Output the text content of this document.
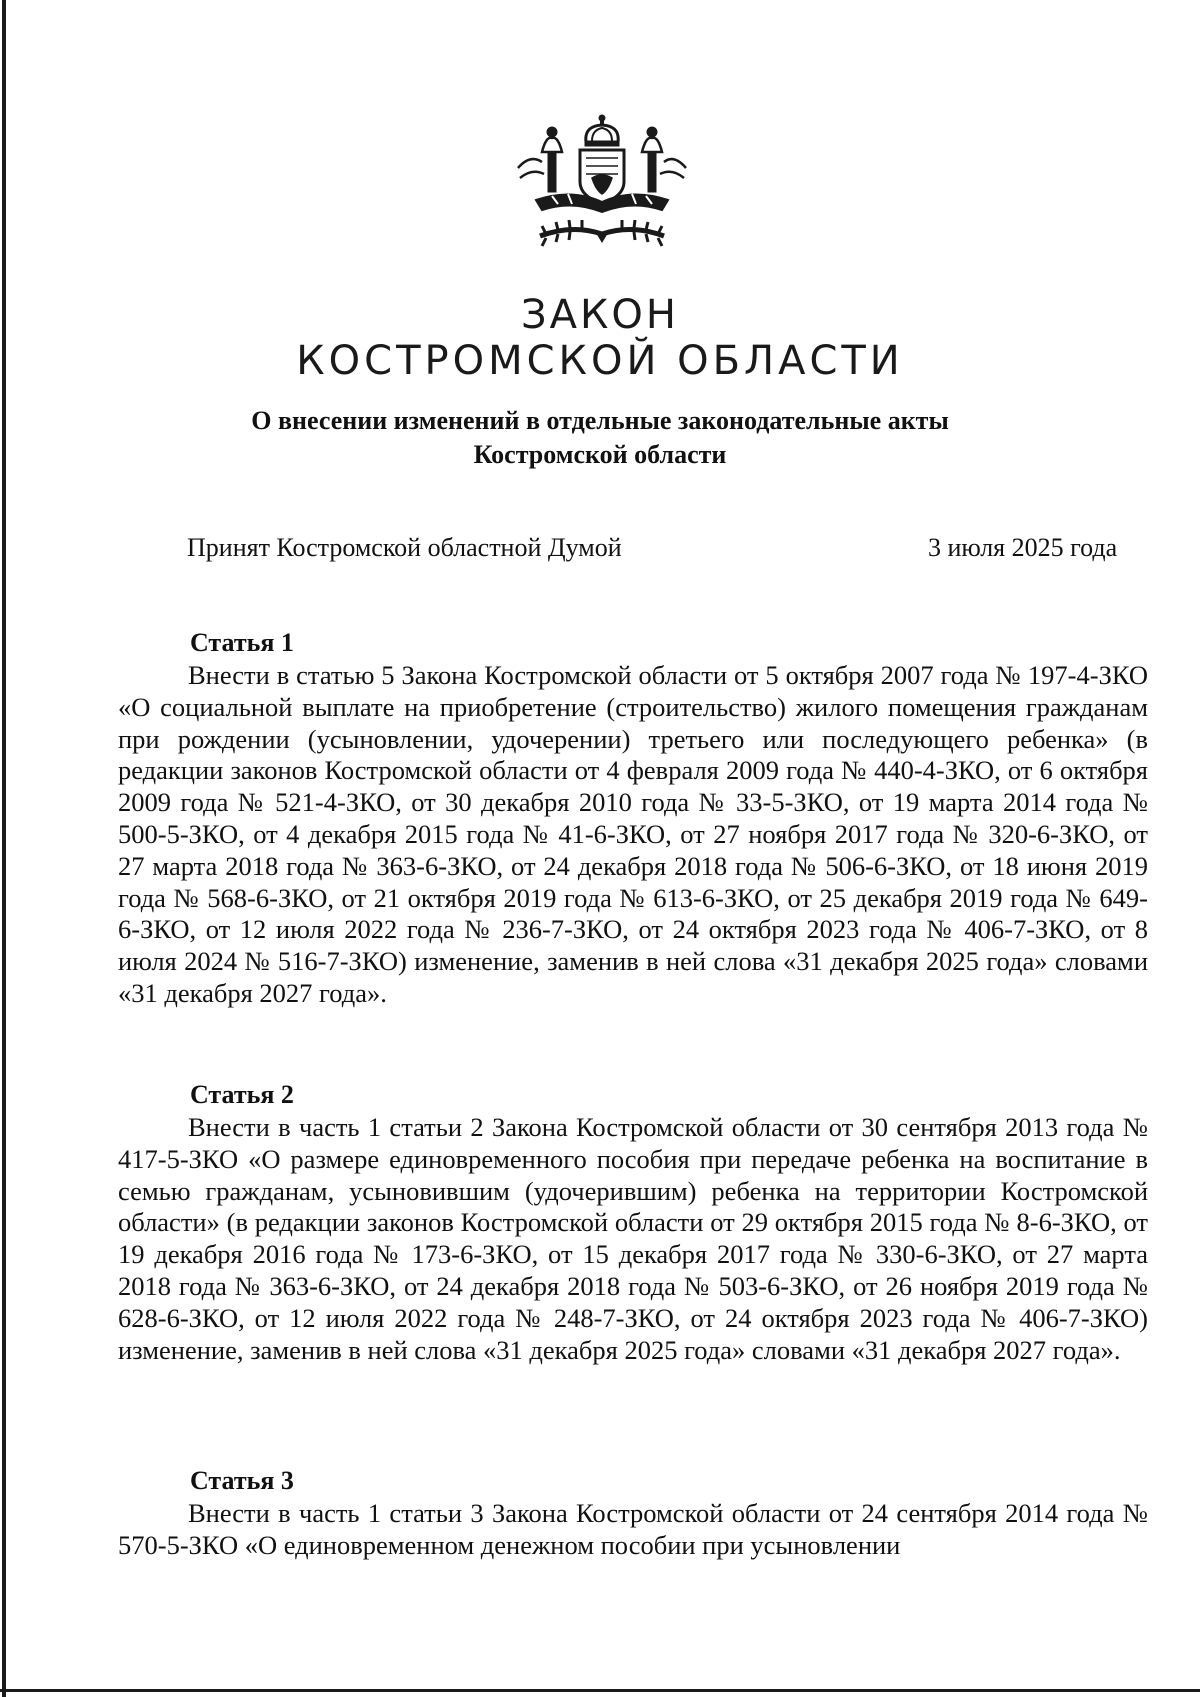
ЗАКОН
КОСТРОМСКОЙ ОБЛАСТИ
О внесении изменений в отдельные законодательные акты
Костромской области
Принят Костромской областной Думой	3 июля 2025 года
Статья 1

Внести в статью 5 Закона Костромской области от 5 октября 2007 года № 197-4-ЗКО «О социальной выплате на приобретение (строительство) жилого помещения гражданам при рождении (усыновлении, удочерении) третьего или последующего ребенка» (в редакции законов Костромской области от 4 февраля 2009 года № 440-4-ЗКО, от 6 октября 2009 года № 521-4-ЗКО, от 30 декабря 2010 года № 33-5-ЗКО, от 19 марта 2014 года № 500-5-ЗКО, от 4 декабря 2015 года № 41-6-ЗКО, от 27 ноября 2017 года № 320-6-ЗКО, от 27 марта 2018 года № 363-6-ЗКО, от 24 декабря 2018 года № 506-6-ЗКО, от 18 июня 2019 года № 568-6-ЗКО, от 21 октября 2019 года № 613-6-ЗКО, от 25 декабря 2019 года № 649-6-ЗКО, от 12 июля 2022 года № 236-7-ЗКО, от 24 октября 2023 года № 406-7-ЗКО, от 8 июля 2024 № 516-7-ЗКО) изменение, заменив в ней слова «31 декабря 2025 года» словами «31 декабря 2027 года».

Статья 2

Внести в часть 1 статьи 2 Закона Костромской области от 30 сентября 2013 года № 417-5-ЗКО «О размере единовременного пособия при передаче ребенка на воспитание в семью гражданам, усыновившим (удочерившим) ребенка на территории Костромской области» (в редакции законов Костромской области от 29 октября 2015 года № 8-6-ЗКО, от 19 декабря 2016 года № 173-6-ЗКО, от 15 декабря 2017 года № 330-6-ЗКО, от 27 марта 2018 года № 363-6-ЗКО, от 24 декабря 2018 года № 503-6-ЗКО, от 26 ноября 2019 года № 628-6-ЗКО, от 12 июля 2022 года № 248-7-ЗКО, от 24 октября 2023 года № 406-7-ЗКО) изменение, заменив в ней слова «31 декабря 2025 года» словами «31 декабря 2027 года».

Статья 3

Внести в часть 1 статьи 3 Закона Костромской области от 24 сентября 2014 года № 570-5-ЗКО «О единовременном денежном пособии при усыновлении
